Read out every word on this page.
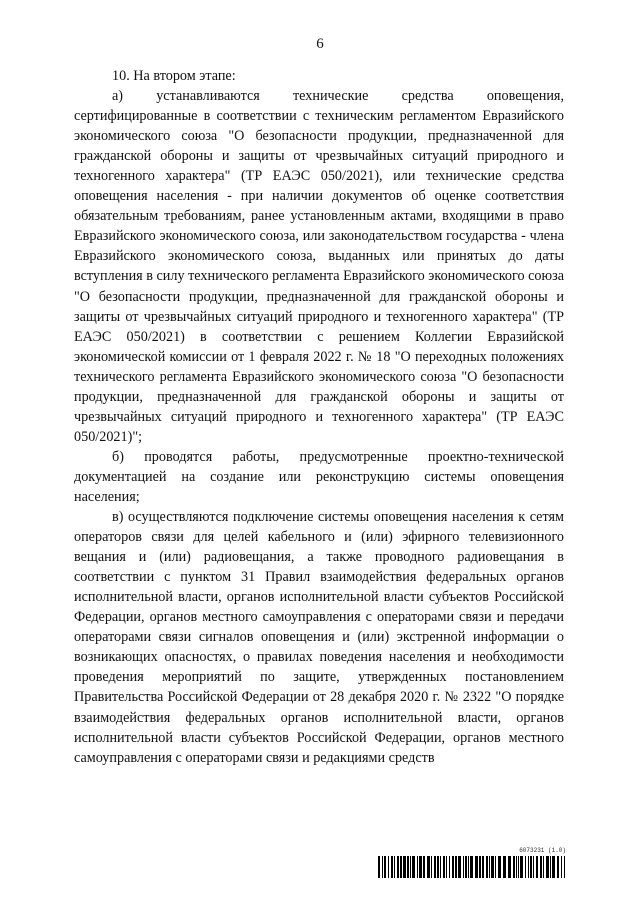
6

10. На втором этапе:

а) устанавливаются технические средства оповещения, сертифицированные в соответствии с техническим регламентом Евразийского экономического союза "О безопасности продукции, предназначенной для гражданской обороны и защиты от чрезвычайных ситуаций природного и техногенного характера" (ТР ЕАЭС 050/2021), или технические средства оповещения населения - при наличии документов об оценке соответствия обязательным требованиям, ранее установленным актами, входящими в право Евразийского экономического союза, или законодательством государства - члена Евразийского экономического союза, выданных или принятых до даты вступления в силу технического регламента Евразийского экономического союза "О безопасности продукции, предназначенной для гражданской обороны и защиты от чрезвычайных ситуаций природного и техногенного характера" (ТР ЕАЭС 050/2021) в соответствии с решением Коллегии Евразийской экономической комиссии от 1 февраля 2022 г. № 18 "О переходных положениях технического регламента Евразийского экономического союза "О безопасности продукции, предназначенной для гражданской обороны и защиты от чрезвычайных ситуаций природного и техногенного характера" (ТР ЕАЭС 050/2021)";

б) проводятся работы, предусмотренные проектно-технической документацией на создание или реконструкцию системы оповещения населения;

в) осуществляются подключение системы оповещения населения к сетям операторов связи для целей кабельного и (или) эфирного телевизионного вещания и (или) радиовещания, а также проводного радиовещания в соответствии с пунктом 31 Правил взаимодействия федеральных органов исполнительной власти, органов исполнительной власти субъектов Российской Федерации, органов местного самоуправления с операторами связи и передачи операторами связи сигналов оповещения и (или) экстренной информации о возникающих опасностях, о правилах поведения населения и необходимости проведения мероприятий по защите, утвержденных постановлением Правительства Российской Федерации от 28 декабря 2020 г. № 2322 "О порядке взаимодействия федеральных органов исполнительной власти, органов исполнительной власти субъектов Российской Федерации, органов местного самоуправления с операторами связи и редакциями средств

6073231 (1.0)
